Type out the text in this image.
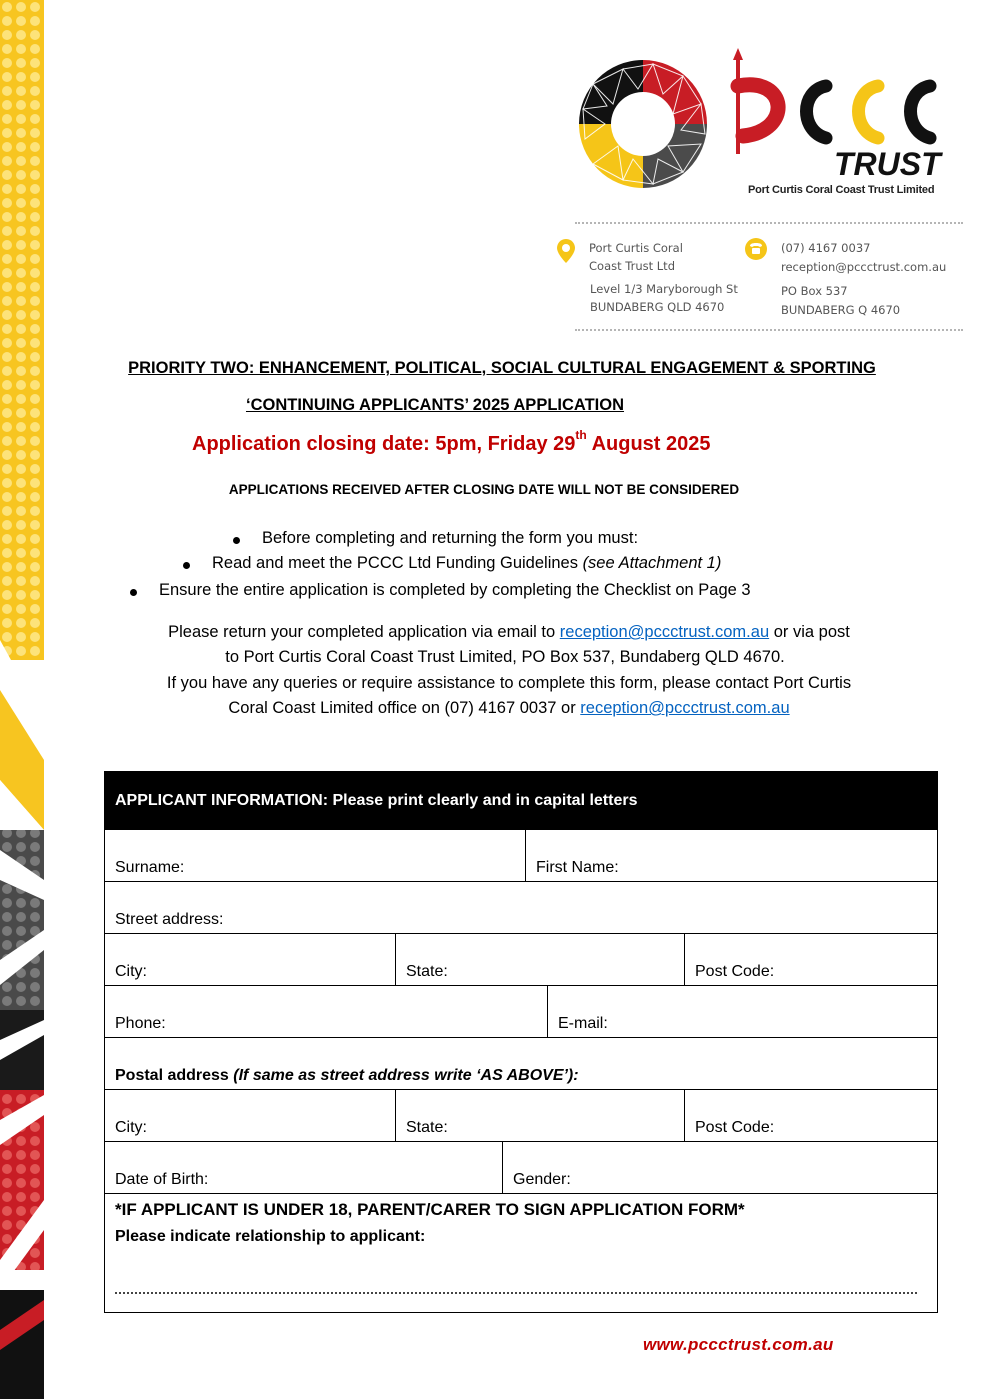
TRUST
Port Curtis Coral Coast Trust Limited
Port Curtis Coral
Coast Trust Ltd
Level 1/3 Maryborough St
BUNDABERG QLD 4670
(07) 4167 0037
reception@pccctrust.com.au
PO Box 537
BUNDABERG Q 4670
PRIORITY TWO: ENHANCEMENT, POLITICAL, SOCIAL CULTURAL ENGAGEMENT & SPORTING
‘CONTINUING APPLICANTS’ 2025 APPLICATION
Application closing date: 5pm, Friday 29th August 2025
APPLICATIONS RECEIVED AFTER CLOSING DATE WILL NOT BE CONSIDERED
Before completing and returning the form you must:
Read and meet the PCCC Ltd Funding Guidelines (see Attachment 1)
Ensure the entire application is completed by completing the Checklist on Page 3
Please return your completed application via email to reception@pccctrust.com.au or via post
to Port Curtis Coral Coast Trust Limited, PO Box 537, Bundaberg QLD 4670.
If you have any queries or require assistance to complete this form, please contact Port Curtis
Coral Coast Limited office on (07) 4167 0037 or reception@pccctrust.com.au
APPLICANT INFORMATION: Please print clearly and in capital letters
Surname:	First Name:
Street address:
City:	State:	Post Code:
Phone:	E-mail:
Postal address (If same as street address write ‘AS ABOVE’):
City:	State:	Post Code:
Date of Birth:	Gender:
*IF APPLICANT IS UNDER 18, PARENT/CARER TO SIGN APPLICATION FORM*
Please indicate relationship to applicant:
www.pccctrust.com.au
